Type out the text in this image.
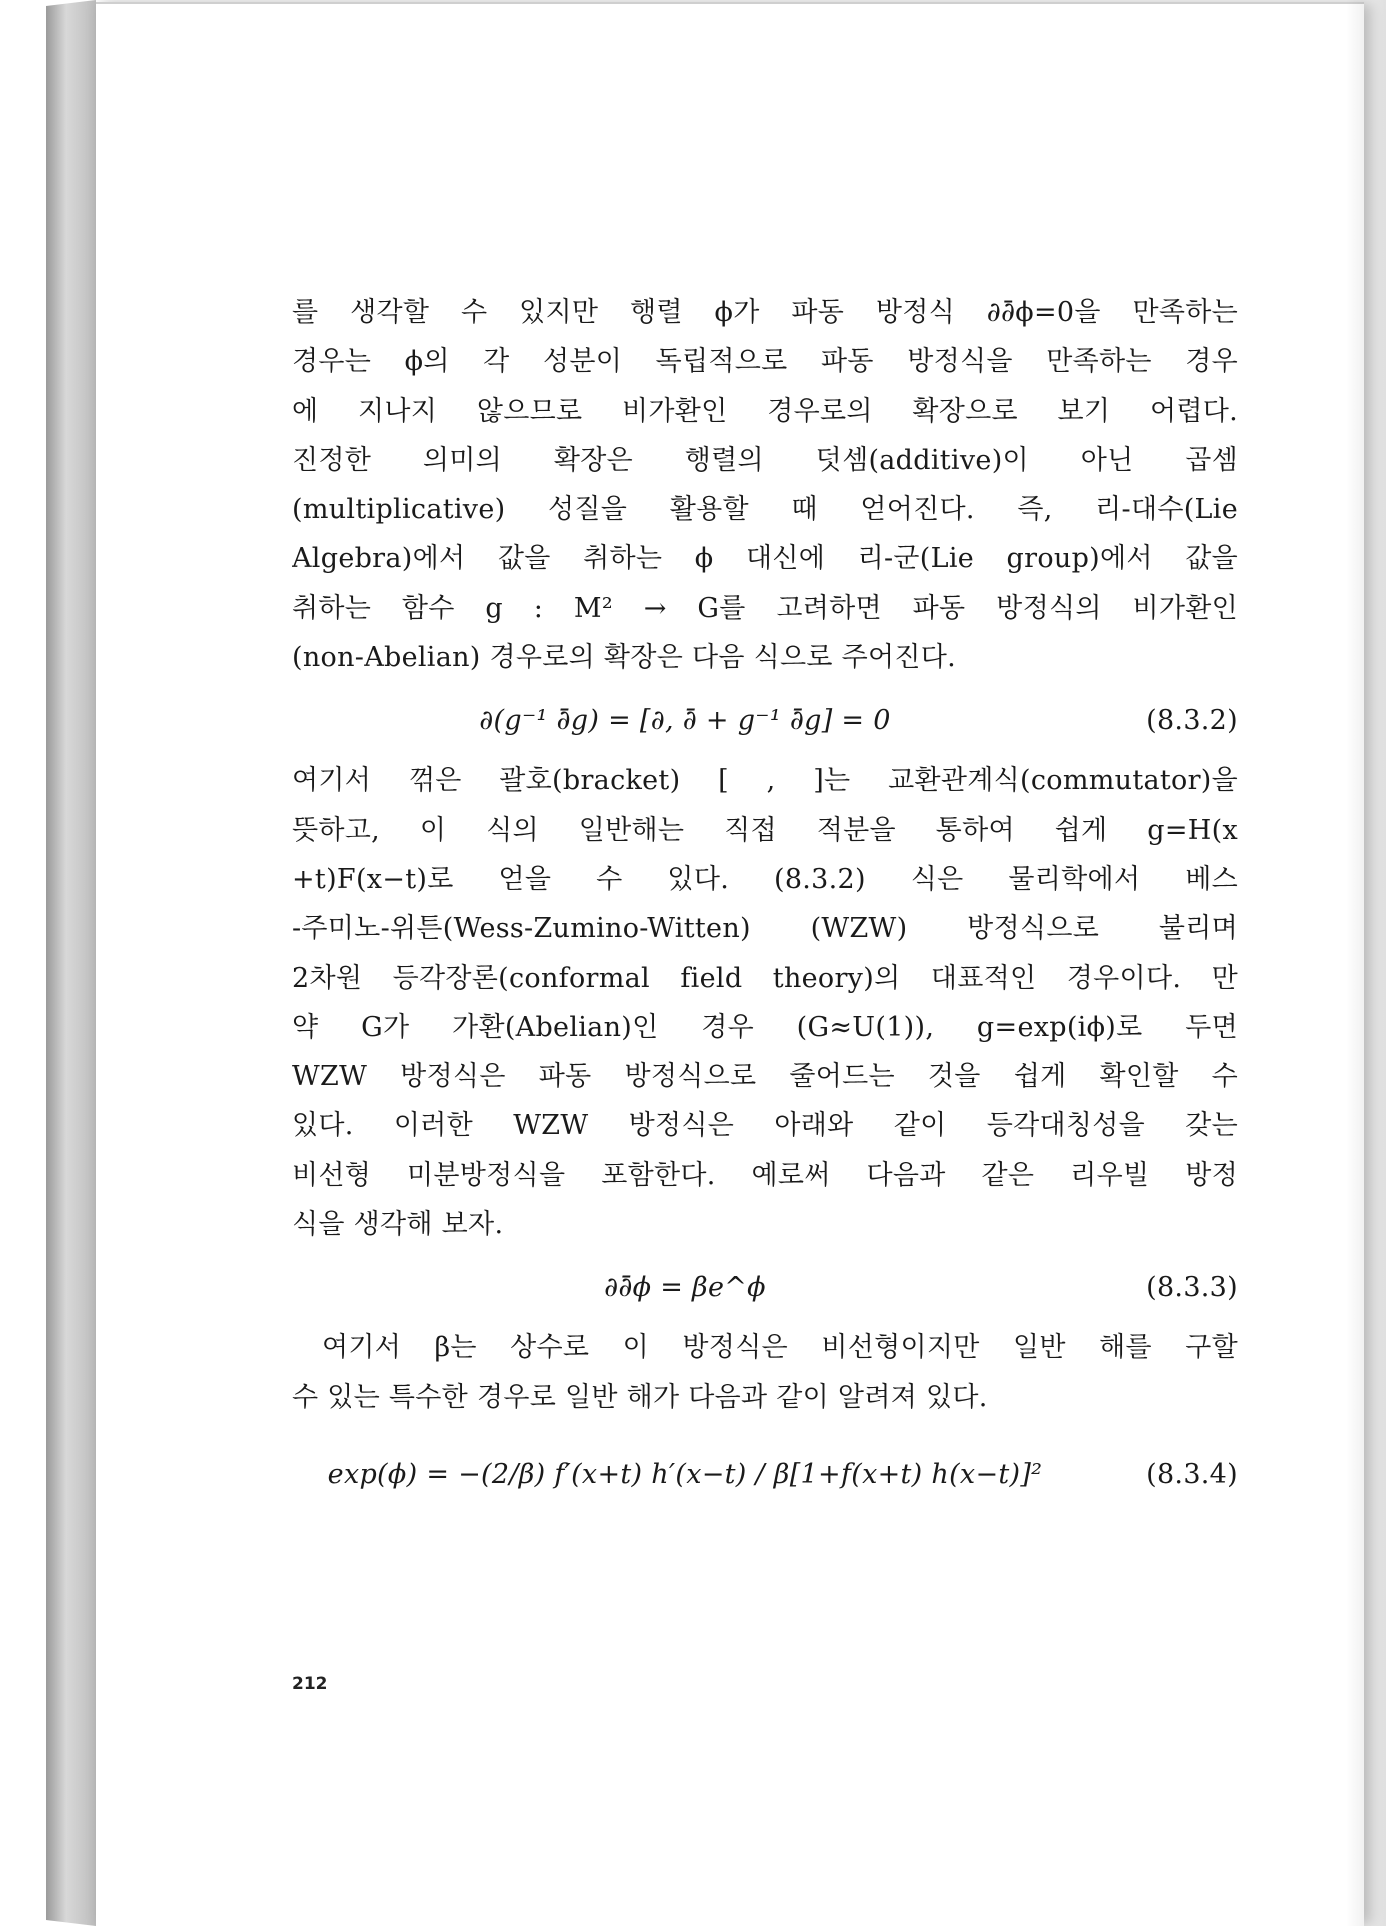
를 생각할 수 있지만 행렬 ϕ가 파동 방정식 ∂∂̄ϕ=0을 만족하는
경우는 ϕ의 각 성분이 독립적으로 파동 방정식을 만족하는 경우
에 지나지 않으므로 비가환인 경우로의 확장으로 보기 어렵다.
진정한 의미의 확장은 행렬의 덧셈(additive)이 아닌 곱셈
(multiplicative) 성질을 활용할 때 얻어진다. 즉, 리-대수(Lie
Algebra)에서 값을 취하는 ϕ 대신에 리-군(Lie group)에서 값을
취하는 함수 g : M² → G를 고려하면 파동 방정식의 비가환인
(non-Abelian) 경우로의 확장은 다음 식으로 주어진다.
∂(g⁻¹ ∂̄g) = [∂, ∂̄ + g⁻¹ ∂̄g] = 0	(8.3.2)
여기서 꺾은 괄호(bracket) [ , ]는 교환관계식(commutator)을
뜻하고, 이 식의 일반해는 직접 적분을 통하여 쉽게 g=H(x
+t)F(x−t)로 얻을 수 있다. (8.3.2) 식은 물리학에서 베스
-주미노-위튼(Wess-Zumino-Witten) (WZW) 방정식으로 불리며
2차원 등각장론(conformal field theory)의 대표적인 경우이다. 만
약 G가 가환(Abelian)인 경우 (G≈U(1)), g=exp(iϕ)로 두면
WZW 방정식은 파동 방정식으로 줄어드는 것을 쉽게 확인할 수
있다. 이러한 WZW 방정식은 아래와 같이 등각대칭성을 갖는
비선형 미분방정식을 포함한다. 예로써 다음과 같은 리우빌 방정
식을 생각해 보자.
∂∂̄ϕ = βe^ϕ	(8.3.3)
여기서 β는 상수로 이 방정식은 비선형이지만 일반 해를 구할
수 있는 특수한 경우로 일반 해가 다음과 같이 알려져 있다.
exp(ϕ) = −(2/β) f′(x+t) h′(x−t) / β[1+f(x+t) h(x−t)]²	(8.3.4)
212
